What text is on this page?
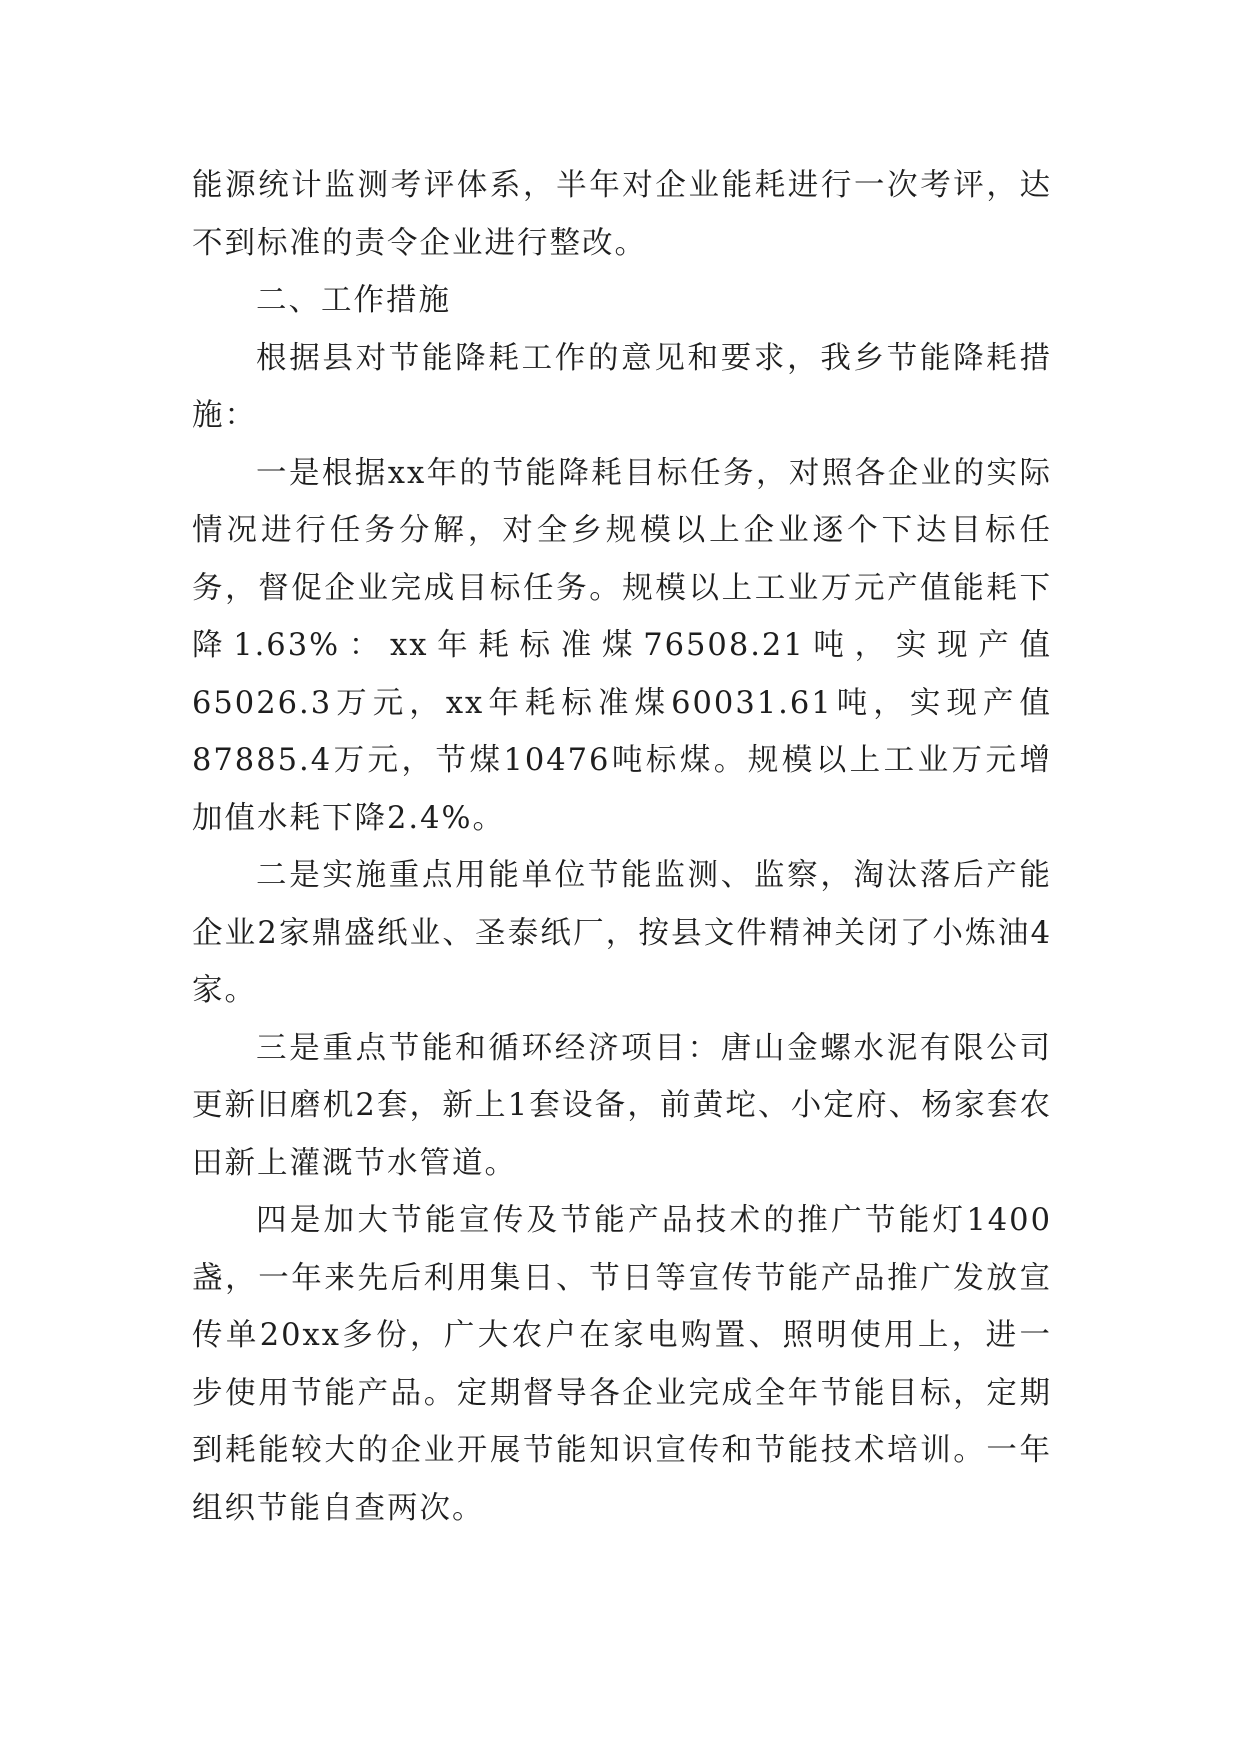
能源统计监测考评体系，半年对企业能耗进行一次考评，达不到标准的责令企业进行整改。

二、工作措施

根据县对节能降耗工作的意见和要求，我乡节能降耗措施：

一是根据xx年的节能降耗目标任务，对照各企业的实际情况进行任务分解，对全乡规模以上企业逐个下达目标任务，督促企业完成目标任务。规模以上工业万元产值能耗下降1.63%：xx年耗标准煤76508.21吨，实现产值65026.3万元，xx年耗标准煤60031.61吨，实现产值87885.4万元，节煤10476吨标煤。规模以上工业万元增加值水耗下降2.4%。

二是实施重点用能单位节能监测、监察，淘汰落后产能企业2家鼎盛纸业、圣泰纸厂，按县文件精神关闭了小炼油4家。

三是重点节能和循环经济项目：唐山金螺水泥有限公司更新旧磨机2套，新上1套设备，前黄坨、小定府、杨家套农田新上灌溉节水管道。

四是加大节能宣传及节能产品技术的推广节能灯1400盏，一年来先后利用集日、节日等宣传节能产品推广发放宣传单20xx多份，广大农户在家电购置、照明使用上，进一步使用节能产品。定期督导各企业完成全年节能目标，定期到耗能较大的企业开展节能知识宣传和节能技术培训。一年组织节能自查两次。
